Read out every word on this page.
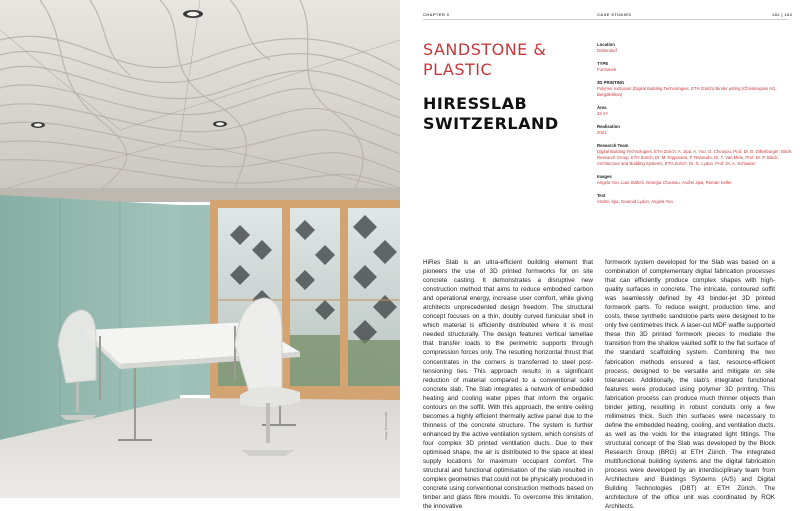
Image: Roman Keller
CHAPTER 3	CASE STUDIES	182 | 183
SANDSTONE &
PLASTIC
HIRESSLAB
SWITZERLAND
Location
Dübendorf
TYPE
Formwork
3D PRINTING
Polymer extrusion (Digital Building Technologies, ETH Zürich) Binder jetting (Christenguss AG, Bergdietikon)
Area
22 m²
Realisation
2021
Research Team
Digital Building Technologies, ETH Zürich: A. Jipa, A. Yoo, G. Chousou, Prof. Dr. B. Dillenburger; Block Research Group, ETH Zürich: Dr. M. Rippmann, F. Ranaudo, Dr. T. Van Mele, Prof. Dr. P. Block; Architecture and Building Systems, ETH Zürich: Dr. G. Lydon, Prof. Dr. A. Schlueter
Images
Angela Yoo, Lian Stäheli, Georgia Chousou, Andrei Jipa, Roman Keller
Text
Andrei Jipa, Gearoid Lydon, Angela Yoo
HiRes Slab is an ultra-efficient building element that pioneers the use of 3D printed formworks for on site concrete casting. It demonstrates a disruptive new construction method that aims to reduce embodied carbon and operational energy, increase user comfort, while giving architects unprecedented design freedom. The structural concept focuses on a thin, doubly curved funicular shell in which material is efficiently distributed where it is most needed structurally. The design features vertical lamellae that transfer loads to the perimetric supports through compression forces only. The resulting horizontal thrust that concentrates in the corners is transferred to steel post-tensioning ties. This approach results in a significant reduction of material compared to a conventional solid concrete slab. The Slab integrates a network of embedded heating and cooling water pipes that inform the organic contours on the soffit. With this approach, the entire ceiling becomes a highly efficient thermally active panel due to the thinness of the concrete structure. The system is further enhanced by the active ventilation system, which consists of four complex 3D printed ventilation ducts. Due to their optimised shape, the air is distributed to the space at ideal supply locations for maximum occupant comfort. The structural and functional optimisation of the slab resulted in complex geometries that could not be physically produced in concrete using conventional construction methods based on timber and glass fibre moulds. To overcome this limitation, the innovative
formwork system developed for the Slab was based on a combination of complementary digital fabrication processes that can efficiently produce complex shapes with high-quality surfaces in concrete. The intricate, contoured soffit was seamlessly defined by 43 binder-jet 3D printed formwork parts. To reduce weight, production time, and costs, these synthetic sandstone parts were designed to be only five centimetres thick. A laser-cut MDF waffle supported these thin 3D printed formwork pieces to mediate the transition from the shallow vaulted soffit to the flat surface of the standard scaffolding system. Combining the two fabrication methods ensured a fast, resource-efficient process, designed to be versatile and mitigate on site tolerances. Additionally, the slab's integrated functional features were produced using polymer 3D printing. This fabrication process can produce much thinner objects than binder jetting, resulting in robust conduits only a few millimetres thick. Such thin surfaces were necessary to define the embedded heating, cooling, and ventilation ducts, as well as the voids for the integrated light fittings. The structural concept of the Slab was developed by the Block Research Group (BRG) at ETH Zürich. The integrated multifunctional building systems and the digital fabrication process were developed by an interdisciplinary team from Architecture and Buildings Systems (A/S) and Digital Building Technologies (DBT) at ETH Zürich. The architecture of the office unit was coordinated by ROK Architects.
